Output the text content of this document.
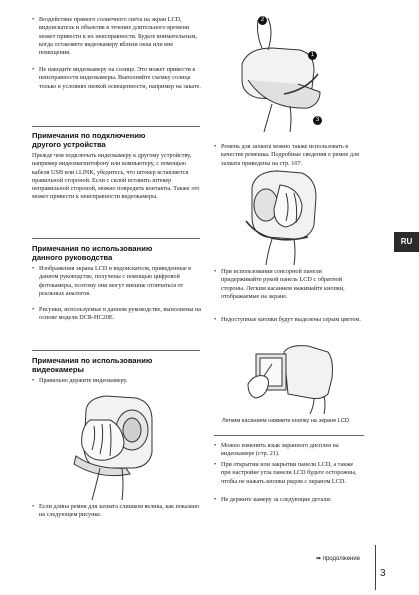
• Воздействие прямого солнечного света на экран LCD, видоискатель и объектив в течение длительного времени может привести к их неисправности. Будьте внимательным, когда оставляете видеокамеру вблизи окна или вне помещения.
• Не наводите видеокамеру на солнце. Это может привести к неисправности видеокамеры. Выполняйте съемку солнца только в условиях низкой освещенности, например на закате.
Примечания по подключению
другого устройства
Прежде чем подключать видеокамеру к другому устройству, например видеомагнитофону или компьютеру, с помощью кабеля USB или i.LINK, убедитесь, что штекер вставляется правильной стороной. Если с силой вставить штекер неправильной стороной, можно повредить контакты. Также это может привести к неисправности видеокамеры.
Примечания по использованию
данного руководства
• Изображения экрана LCD в видоискателя, приведенные в данном руководстве, получены с помощью цифровой фотокамеры, поэтому они могут внешне отличаться от реальных аналогов.
• Рисунки, используемые в данном руководстве, выполнены на основе модели DCR-HC20E.
Примечания по использованию
видеокамеры
• Правильно держите видеокамеру.
• Если длина ремня для захвата слишком велика, как показано на следующем рисунке.
1
2
3
• Ремень для захвата можно также использовать в качестве ремешка. Подробные сведения о ремне для захвата приведены на стр. 107.
• При использовании сенсорной панели придерживайте рукой панель LCD с обратной стороны. Легким касанием нажимайте кнопки, отображаемые на экране.
• Недоступные кнопки будут выделены серым цветом.
Легким касанием нажмите кнопку на экране LCD.
• Можно изменить язык экранного дисплея на видеокамере (стр. 21).
• При открытии или закрытии панели LCD, а также при настройке угла панели LCD будьте осторожны, чтобы не нажать кнопки рядом с экраном LCD.
• Не держите камеру за следующие детали:
RU
➡ продолжение
3
